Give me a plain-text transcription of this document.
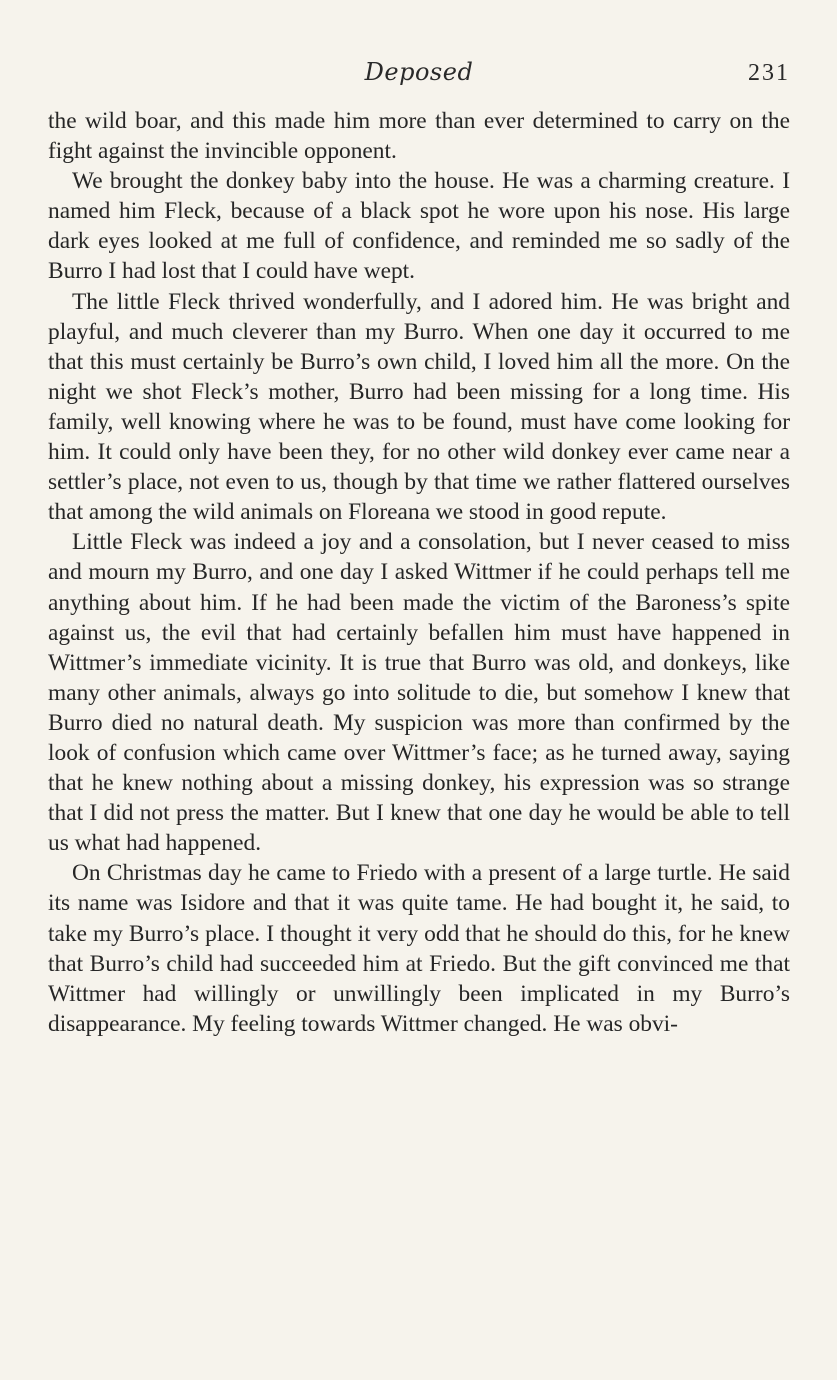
Deposed	231

the wild boar, and this made him more than ever determined to carry on the fight against the invincible opponent.

We brought the donkey baby into the house. He was a charming creature. I named him Fleck, because of a black spot he wore upon his nose. His large dark eyes looked at me full of confidence, and reminded me so sadly of the Burro I had lost that I could have wept.

The little Fleck thrived wonderfully, and I adored him. He was bright and playful, and much cleverer than my Burro. When one day it occurred to me that this must certainly be Burro’s own child, I loved him all the more. On the night we shot Fleck’s mother, Burro had been missing for a long time. His family, well knowing where he was to be found, must have come looking for him. It could only have been they, for no other wild donkey ever came near a settler’s place, not even to us, though by that time we rather flattered ourselves that among the wild animals on Floreana we stood in good repute.

Little Fleck was indeed a joy and a consolation, but I never ceased to miss and mourn my Burro, and one day I asked Wittmer if he could perhaps tell me anything about him. If he had been made the victim of the Baroness’s spite against us, the evil that had certainly befallen him must have happened in Wittmer’s immediate vicinity. It is true that Burro was old, and donkeys, like many other animals, always go into solitude to die, but somehow I knew that Burro died no natural death. My suspicion was more than confirmed by the look of confusion which came over Wittmer’s face; as he turned away, saying that he knew nothing about a missing donkey, his expression was so strange that I did not press the matter. But I knew that one day he would be able to tell us what had happened.

On Christmas day he came to Friedo with a present of a large turtle. He said its name was Isidore and that it was quite tame. He had bought it, he said, to take my Burro’s place. I thought it very odd that he should do this, for he knew that Burro’s child had succeeded him at Friedo. But the gift convinced me that Wittmer had willingly or unwillingly been implicated in my Burro’s disappearance. My feeling towards Wittmer changed. He was obvi-
